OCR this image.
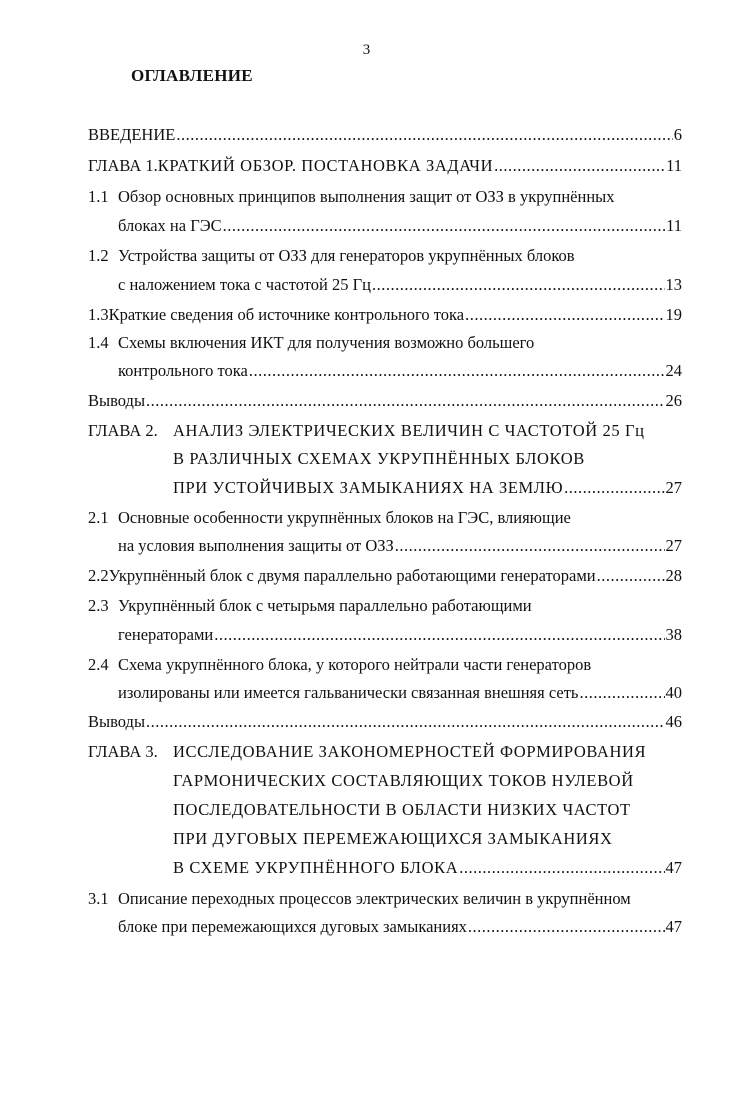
3
ОГЛАВЛЕНИЕ
ВВЕДЕНИЕ .....	6
ГЛАВА 1. КРАТКИЙ ОБЗОР. ПОСТАНОВКА ЗАДАЧИ .....	11
1.1 Обзор основных принципов выполнения защит от ОЗЗ в укрупнённых
блоках на ГЭС .....	11
1.2 Устройства защиты от ОЗЗ для генераторов укрупнённых блоков
с наложением тока с частотой 25 Гц .....	13
1.3 Краткие сведения об источнике контрольного тока .....	19
1.4 Схемы включения ИКТ для получения возможно большего
контрольного тока .....	24
Выводы .....	26
ГЛАВА 2. АНАЛИЗ ЭЛЕКТРИЧЕСКИХ ВЕЛИЧИН С ЧАСТОТОЙ 25 Гц
В РАЗЛИЧНЫХ СХЕМАХ УКРУПНЁННЫХ БЛОКОВ
ПРИ УСТОЙЧИВЫХ ЗАМЫКАНИЯХ НА ЗЕМЛЮ .....	27
2.1 Основные особенности укрупнённых блоков на ГЭС, влияющие
на условия выполнения защиты от ОЗЗ .....	27
2.2 Укрупнённый блок с двумя параллельно работающими генераторами .....	28
2.3 Укрупнённый блок с четырьмя параллельно работающими
генераторами .....	38
2.4 Схема укрупнённого блока, у которого нейтрали части генераторов
изолированы или имеется гальванически связанная внешняя сеть .....	40
Выводы .....	46
ГЛАВА 3. ИССЛЕДОВАНИЕ ЗАКОНОМЕРНОСТЕЙ ФОРМИРОВАНИЯ
ГАРМОНИЧЕСКИХ СОСТАВЛЯЮЩИХ ТОКОВ НУЛЕВОЙ
ПОСЛЕДОВАТЕЛЬНОСТИ В ОБЛАСТИ НИЗКИХ ЧАСТОТ
ПРИ ДУГОВЫХ ПЕРЕМЕЖАЮЩИХСЯ ЗАМЫКАНИЯХ
В СХЕМЕ УКРУПНЁННОГО БЛОКА .....	47
3.1 Описание переходных процессов электрических величин в укрупнённом
блоке при перемежающихся дуговых замыканиях .....	47
